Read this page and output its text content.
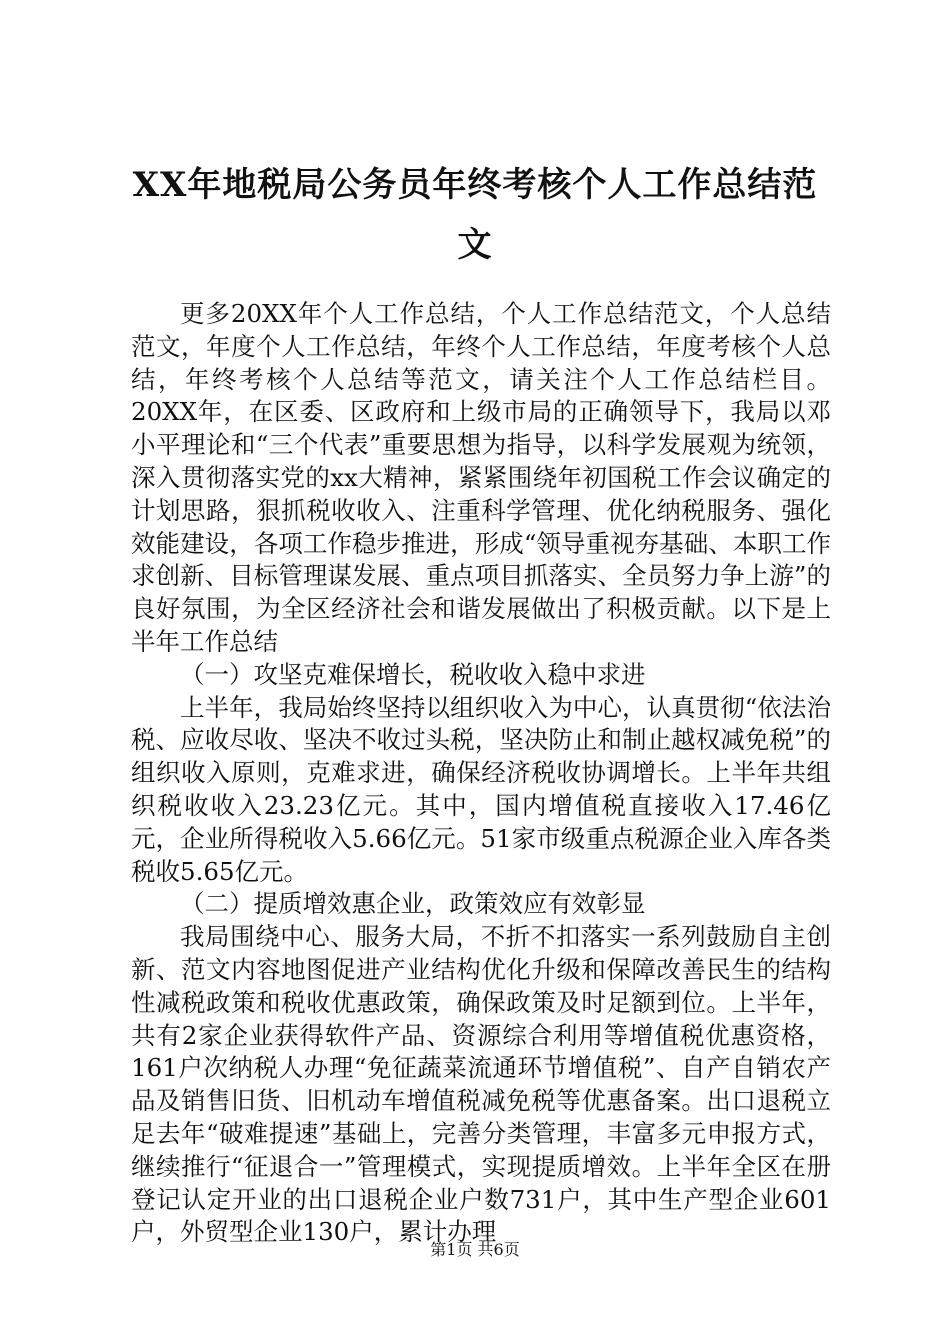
XX年地税局公务员年终考核个人工作总结范文

更多20XX年个人工作总结，个人工作总结范文，个人总结范文，年度个人工作总结，年终个人工作总结，年度考核个人总结，年终考核个人总结等范文，请关注个人工作总结栏目。20XX年，在区委、区政府和上级市局的正确领导下，我局以邓小平理论和“三个代表”重要思想为指导，以科学发展观为统领，深入贯彻落实党的xx大精神，紧紧围绕年初国税工作会议确定的计划思路，狠抓税收收入、注重科学管理、优化纳税服务、强化效能建设，各项工作稳步推进，形成“领导重视夯基础、本职工作求创新、目标管理谋发展、重点项目抓落实、全员努力争上游”的良好氛围，为全区经济社会和谐发展做出了积极贡献。以下是上半年工作总结

（一）攻坚克难保增长，税收收入稳中求进

上半年，我局始终坚持以组织收入为中心，认真贯彻“依法治税、应收尽收、坚决不收过头税，坚决防止和制止越权减免税”的组织收入原则，克难求进，确保经济税收协调增长。上半年共组织税收收入23.23亿元。其中，国内增值税直接收入17.46亿元，企业所得税收入5.66亿元。51家市级重点税源企业入库各类税收5.65亿元。

（二）提质增效惠企业，政策效应有效彰显

我局围绕中心、服务大局，不折不扣落实一系列鼓励自主创新、范文内容地图促进产业结构优化升级和保障改善民生的结构性减税政策和税收优惠政策，确保政策及时足额到位。上半年，共有2家企业获得软件产品、资源综合利用等增值税优惠资格，161户次纳税人办理“免征蔬菜流通环节增值税”、自产自销农产品及销售旧货、旧机动车增值税减免税等优惠备案。出口退税立足去年“破难提速”基础上，完善分类管理，丰富多元申报方式，继续推行“征退合一”管理模式，实现提质增效。上半年全区在册登记认定开业的出口退税企业户数731户，其中生产型企业601户，外贸型企业130户，累计办理

第1页 共6页
